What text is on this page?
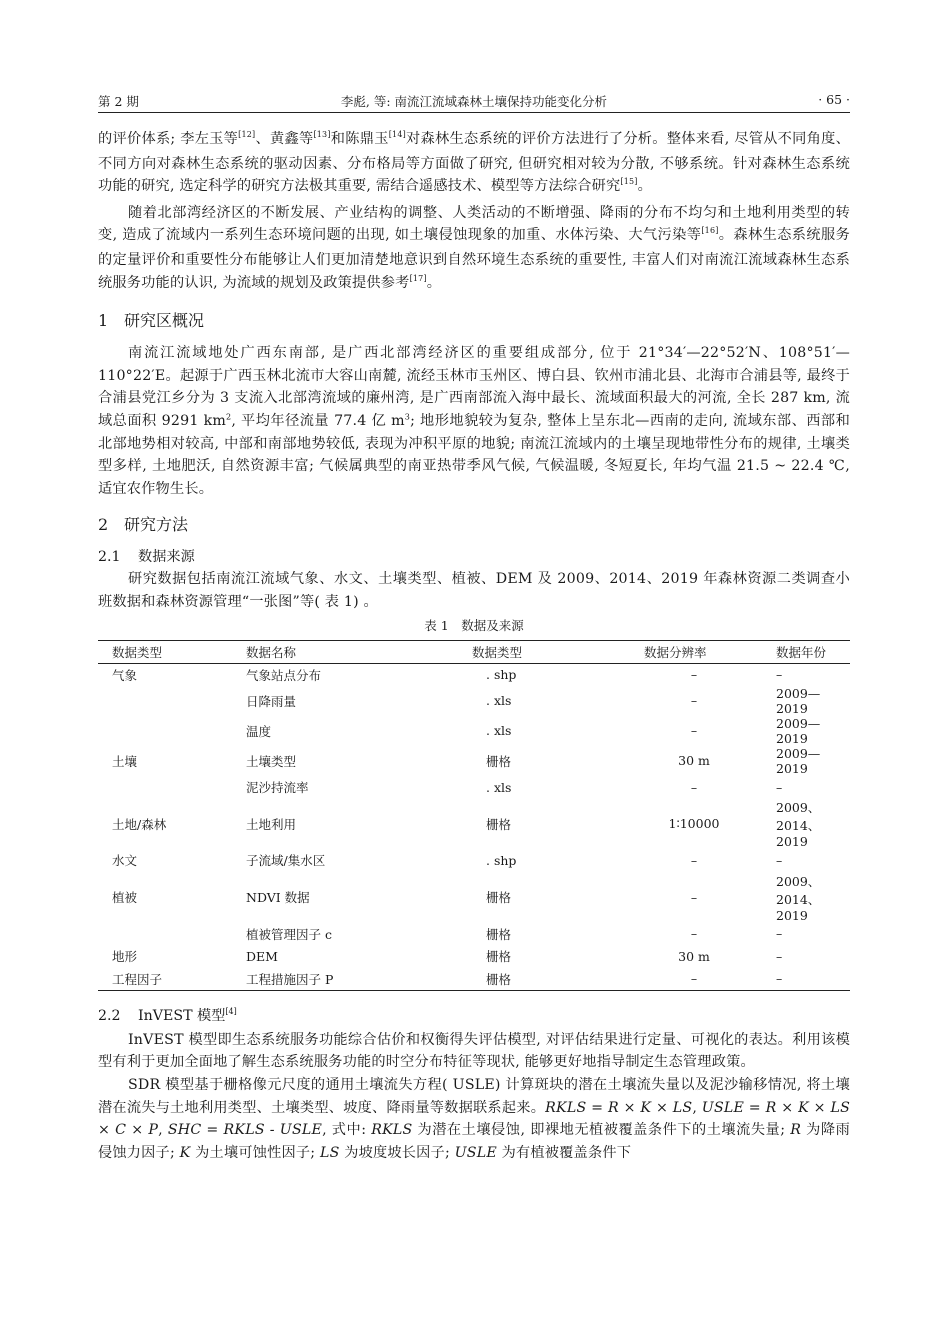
第 2 期	李彪, 等: 南流江流域森林土壤保持功能变化分析	· 65 ·

的评价体系; 李左玉等[12]、黄鑫等[13]和陈鼎玉[14]对森林生态系统的评价方法进行了分析。整体来看, 尽管从不同角度、不同方向对森林生态系统的驱动因素、分布格局等方面做了研究, 但研究相对较为分散, 不够系统。针对森林生态系统功能的研究, 选定科学的研究方法极其重要, 需结合遥感技术、模型等方法综合研究[15]。

随着北部湾经济区的不断发展、产业结构的调整、人类活动的不断增强、降雨的分布不均匀和土地利用类型的转变, 造成了流域内一系列生态环境问题的出现, 如土壤侵蚀现象的加重、水体污染、大气污染等[16]。森林生态系统服务的定量评价和重要性分布能够让人们更加清楚地意识到自然环境生态系统的重要性, 丰富人们对南流江流域森林生态系统服务功能的认识, 为流域的规划及政策提供参考[17]。

1 研究区概况

南流江流域地处广西东南部, 是广西北部湾经济区的重要组成部分, 位于 21°34′—22°52′N、108°51′—110°22′E。起源于广西玉林北流市大容山南麓, 流经玉林市玉州区、博白县、钦州市浦北县、北海市合浦县等, 最终于合浦县党江乡分为 3 支流入北部湾流域的廉州湾, 是广西南部流入海中最长、流域面积最大的河流, 全长 287 km, 流域总面积 9291 $km^2$, 平均年径流量 77.4 亿 $m^3$; 地形地貌较为复杂, 整体上呈东北—西南的走向, 流域东部、西部和北部地势相对较高, 中部和南部地势较低, 表现为冲积平原的地貌; 南流江流域内的土壤呈现地带性分布的规律, 土壤类型多样, 土地肥沃, 自然资源丰富; 气候属典型的南亚热带季风气候, 气候温暖, 冬短夏长, 年均气温 21.5 ~ 22.4 ℃, 适宜农作物生长。

2 研究方法
2.1 数据来源

研究数据包括南流江流域气象、水文、土壤类型、植被、DEM 及 2009、2014、2019 年森林资源二类调查小班数据和森林资源管理“一张图”等( 表 1) 。

表 1　数据及来源
数据类型	数据名称	数据类型	数据分辨率	数据年份
气象	气象站点分布	. shp	–	–
	日降雨量	. xls	–	2009—2019
	温度	. xls	–	2009—2019
土壤	土壤类型	栅格	30 m	2009—2019
	泥沙持流率	. xls	–	–
土地/森林	土地利用	栅格	1∶10000	2009、2014、2019
水文	子流域/集水区	. shp	–	–
植被	NDVI 数据	栅格	–	2009、2014、2019
	植被管理因子 c	栅格	–	–
地形	DEM	栅格	30 m	–
工程因子	工程措施因子 P	栅格	–	–
2.2 InVEST 模型[4]

InVEST 模型即生态系统服务功能综合估价和权衡得失评估模型, 对评估结果进行定量、可视化的表达。利用该模型有利于更加全面地了解生态系统服务功能的时空分布特征等现状, 能够更好地指导制定生态管理政策。

SDR 模型基于栅格像元尺度的通用土壤流失方程( USLE) 计算斑块的潜在土壤流失量以及泥沙输移情况, 将土壤潜在流失与土地利用类型、土壤类型、坡度、降雨量等数据联系起来。RKLS = R × K × LS, USLE = R × K × LS × C × P, SHC = RKLS - USLE, 式中: RKLS 为潜在土壤侵蚀, 即裸地无植被覆盖条件下的土壤流失量; R 为降雨侵蚀力因子; K 为土壤可蚀性因子; LS 为坡度坡长因子; USLE 为有植被覆盖条件下
